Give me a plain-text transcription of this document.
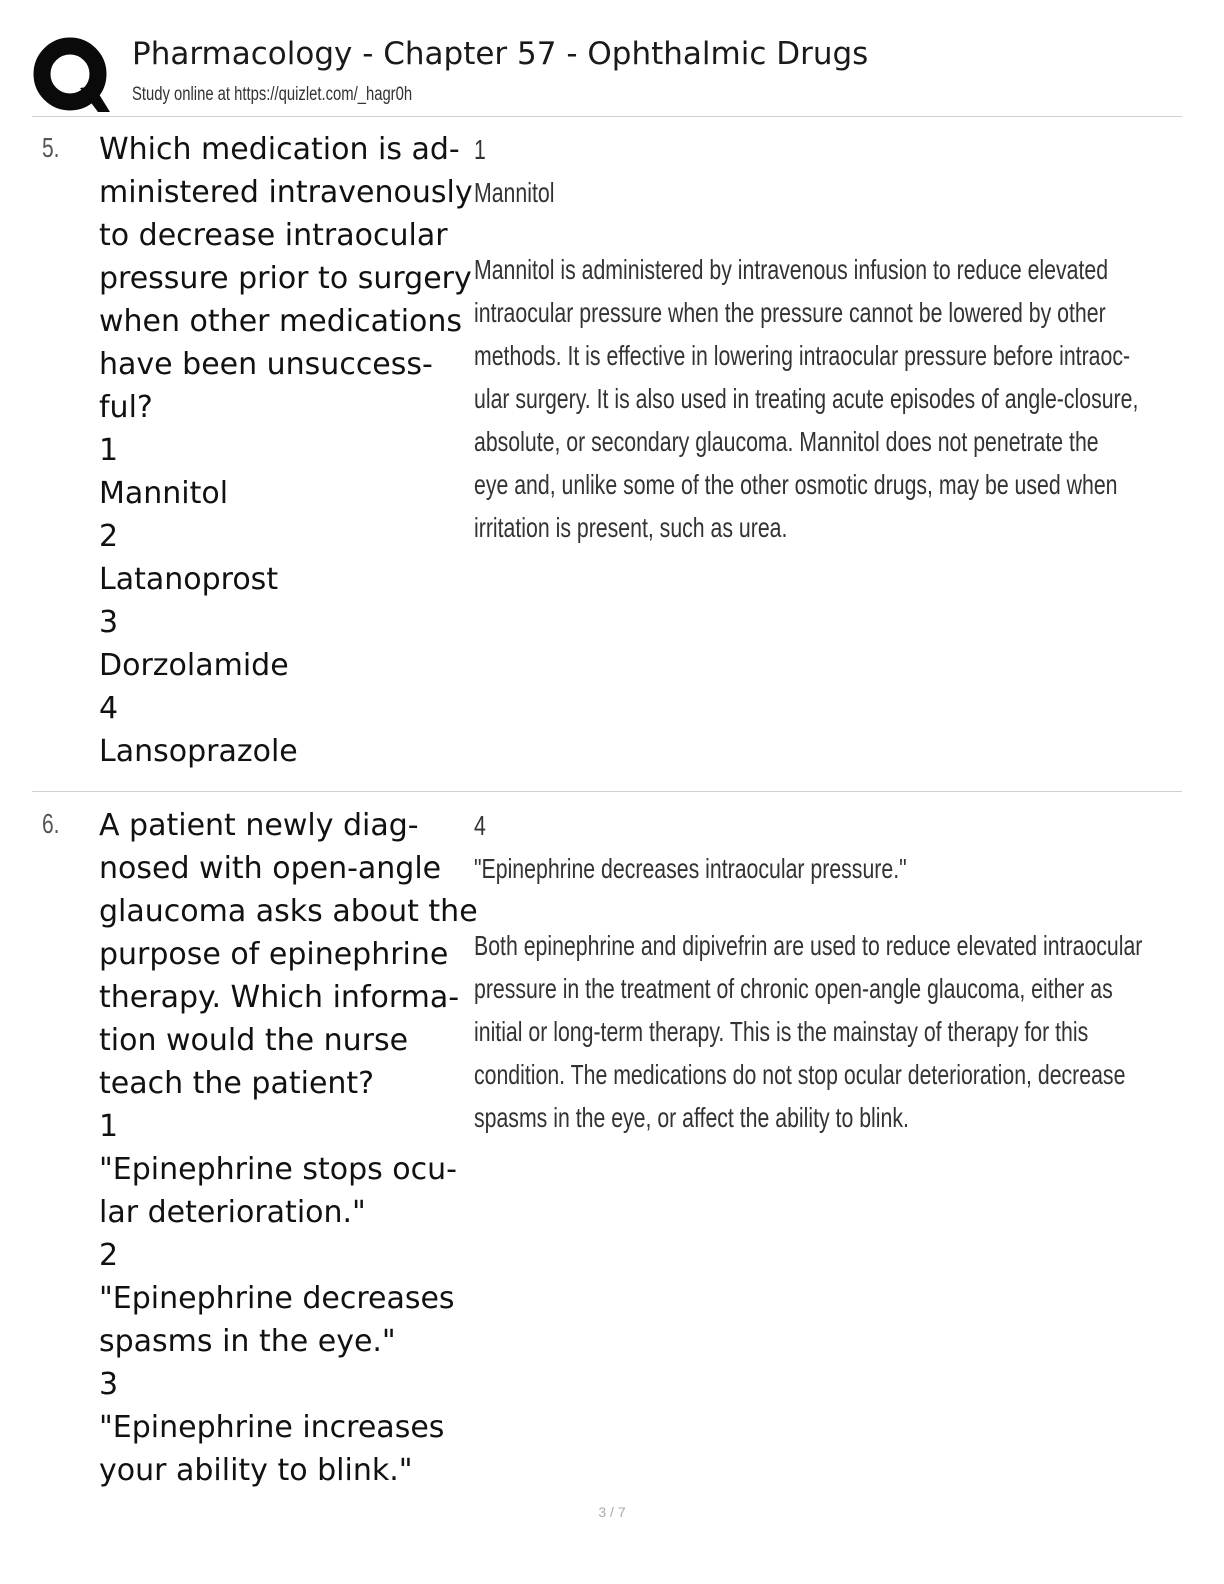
Pharmacology - Chapter 57 - Ophthalmic Drugs
Study online at https://quizlet.com/_hagr0h
5. Which medication is ad-
ministered intravenously
to decrease intraocular
pressure prior to surgery
when other medications
have been unsuccess-
ful?
1
Mannitol
2
Latanoprost
3
Dorzolamide
4
Lansoprazole
1
Mannitol
Mannitol is administered by intravenous infusion to reduce elevated
intraocular pressure when the pressure cannot be lowered by other
methods. It is effective in lowering intraocular pressure before intraoc-
ular surgery. It is also used in treating acute episodes of angle-closure,
absolute, or secondary glaucoma. Mannitol does not penetrate the
eye and, unlike some of the other osmotic drugs, may be used when
irritation is present, such as urea.
6. A patient newly diag-
nosed with open-angle
glaucoma asks about the
purpose of epinephrine
therapy. Which informa-
tion would the nurse
teach the patient?
1
"Epinephrine stops ocu-
lar deterioration."
2
"Epinephrine decreases
spasms in the eye."
3
"Epinephrine increases
your ability to blink."
4
"Epinephrine decreases intraocular pressure."
Both epinephrine and dipivefrin are used to reduce elevated intraocular
pressure in the treatment of chronic open-angle glaucoma, either as
initial or long-term therapy. This is the mainstay of therapy for this
condition. The medications do not stop ocular deterioration, decrease
spasms in the eye, or affect the ability to blink.
3 / 7
